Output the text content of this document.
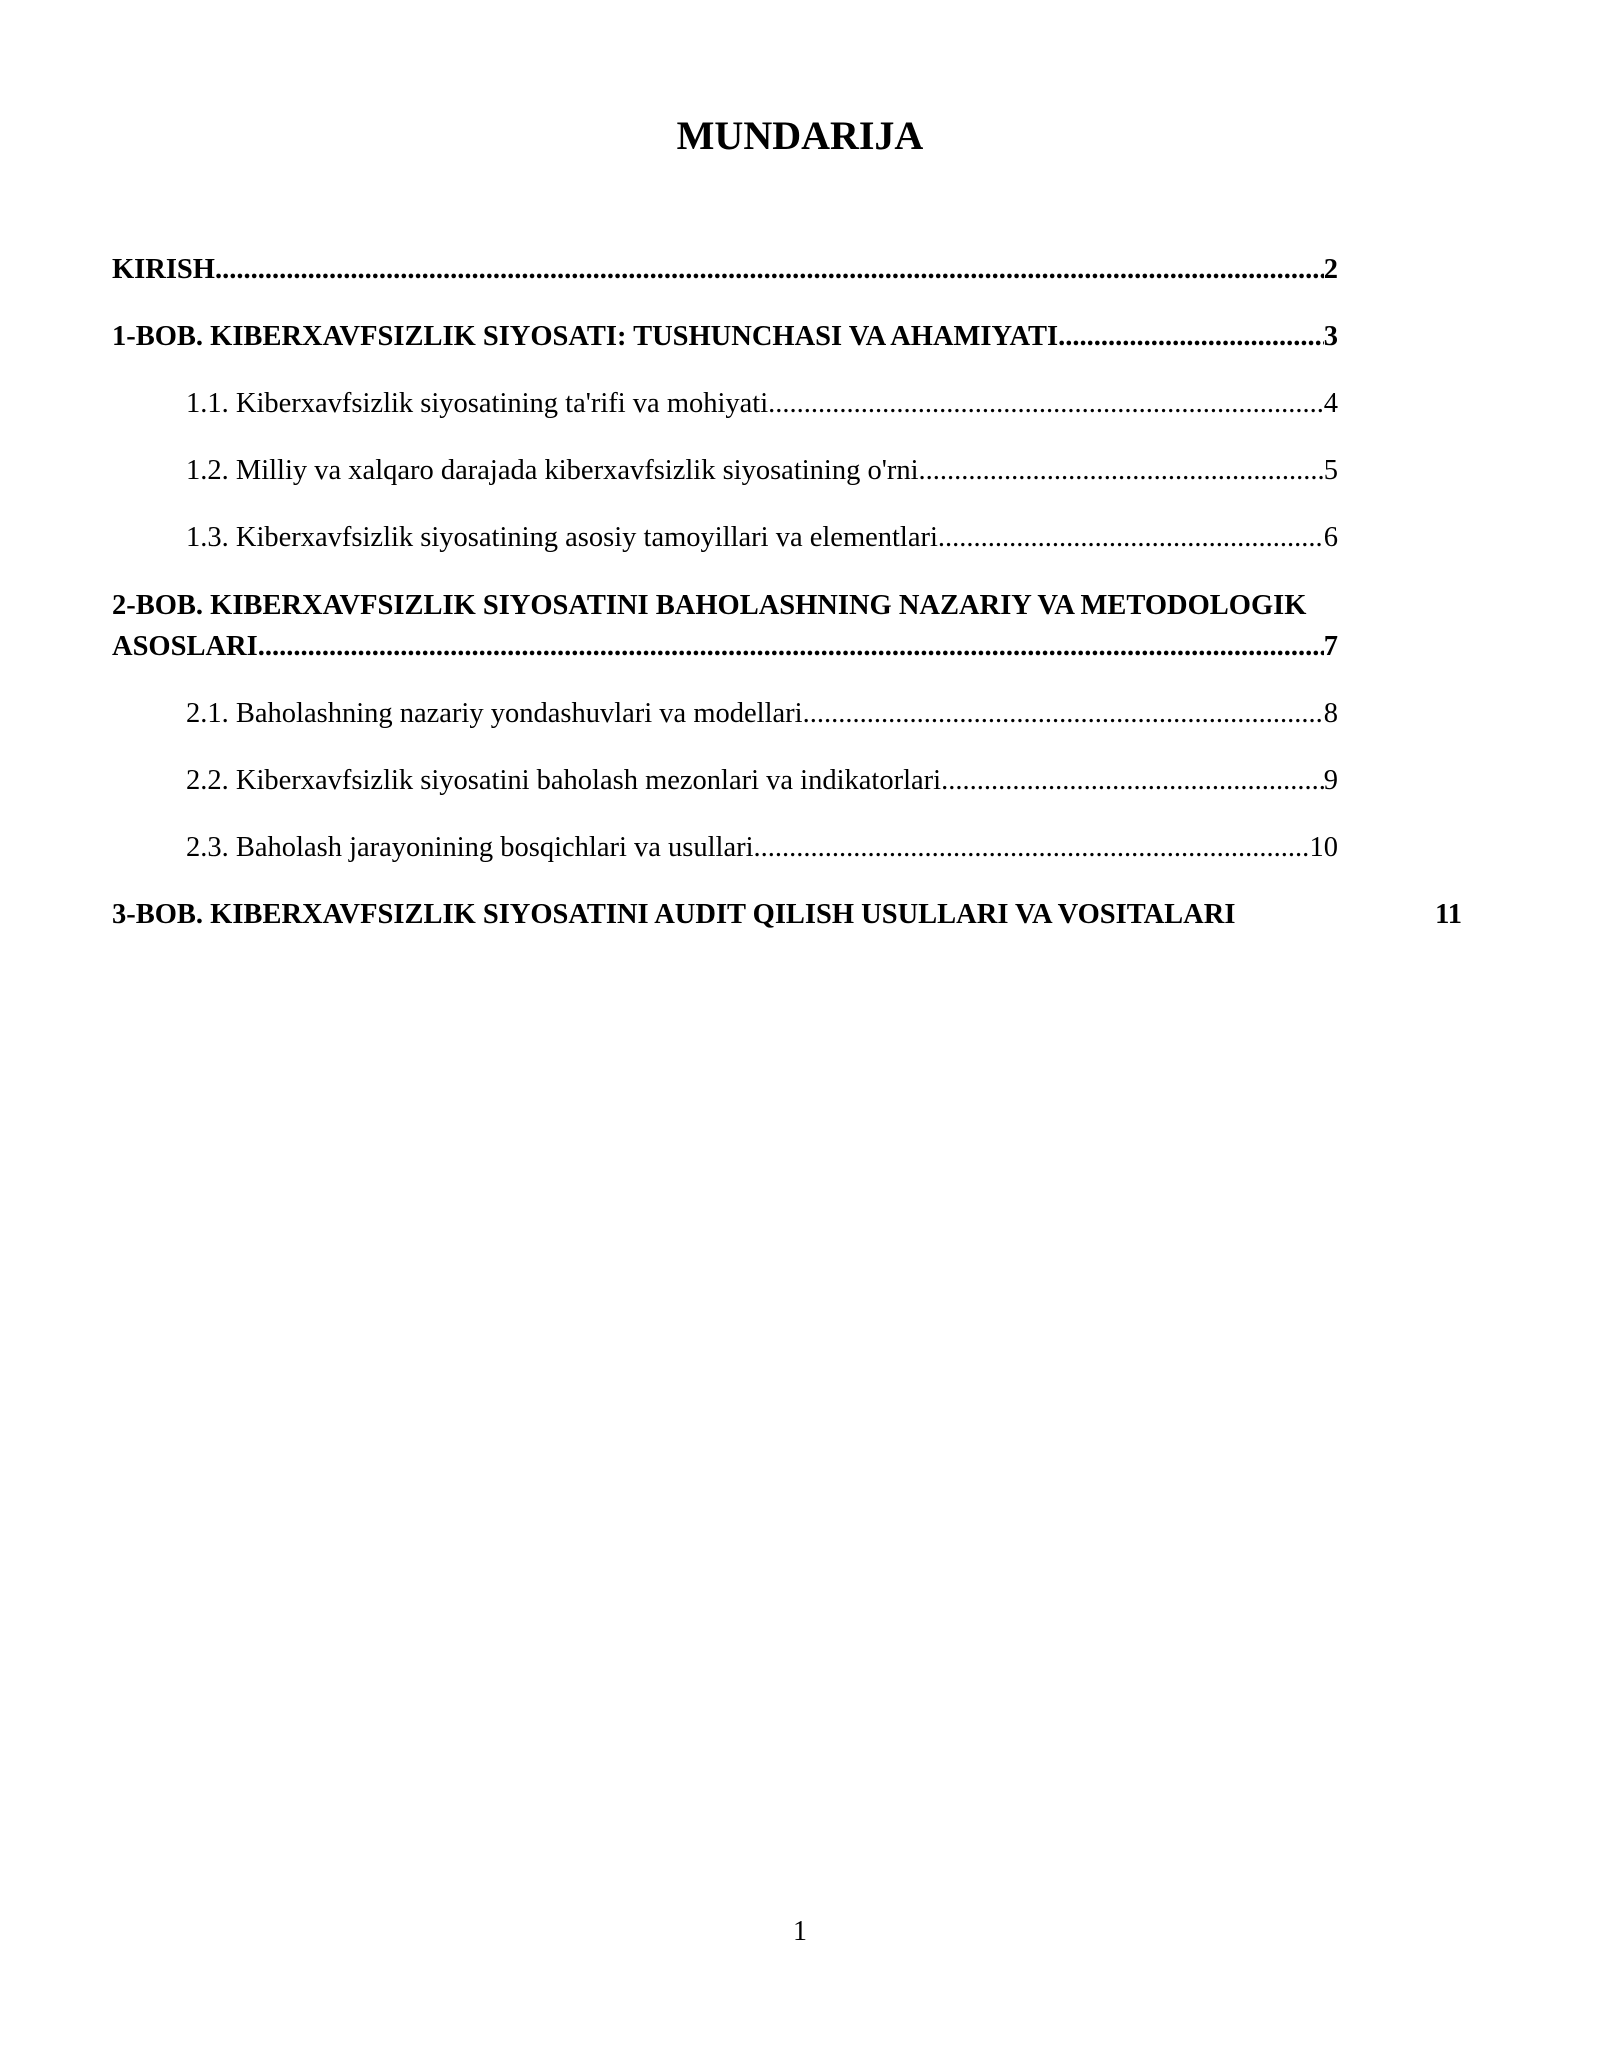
MUNDARIJA
KIRISH .....	2
1-BOB. KIBERXAVFSIZLIK SIYOSATI: TUSHUNCHASI VA AHAMIYATI .....	3
1.1. Kiberxavfsizlik siyosatining ta'rifi va mohiyati .....	4
1.2. Milliy va xalqaro darajada kiberxavfsizlik siyosatining o'rni .....	5
1.3. Kiberxavfsizlik siyosatining asosiy tamoyillari va elementlari .....	6
2-BOB. KIBERXAVFSIZLIK SIYOSATINI BAHOLASHNING NAZARIY VA METODOLOGIK
ASOSLARI .....	7
2.1. Baholashning nazariy yondashuvlari va modellari .....	8
2.2. Kiberxavfsizlik siyosatini baholash mezonlari va indikatorlari .....	9
2.3. Baholash jarayonining bosqichlari va usullari .....	10
3-BOB. KIBERXAVFSIZLIK SIYOSATINI AUDIT QILISH USULLARI VA VOSITALARI	11
1
